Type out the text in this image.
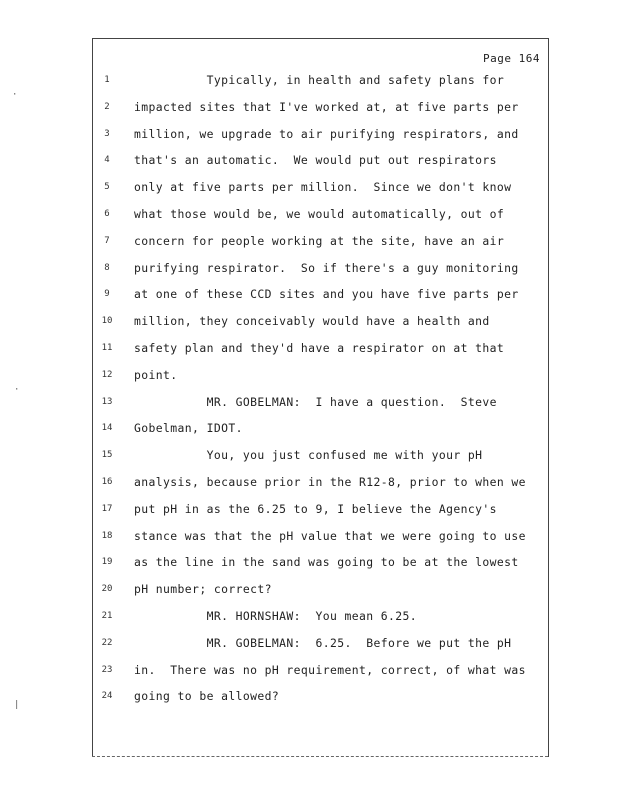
Page 164
·
·
|
1	Typically, in health and safety plans for
2	impacted sites that I've worked at, at five parts per
3	million, we upgrade to air purifying respirators, and
4	that's an automatic.  We would put out respirators
5	only at five parts per million.  Since we don't know
6	what those would be, we would automatically, out of
7	concern for people working at the site, have an air
8	purifying respirator.  So if there's a guy monitoring
9	at one of these CCD sites and you have five parts per
10	million, they conceivably would have a health and
11	safety plan and they'd have a respirator on at that
12	point.
13	MR. GOBELMAN:  I have a question.  Steve
14	Gobelman, IDOT.
15	You, you just confused me with your pH
16	analysis, because prior in the R12-8, prior to when we
17	put pH in as the 6.25 to 9, I believe the Agency's
18	stance was that the pH value that we were going to use
19	as the line in the sand was going to be at the lowest
20	pH number; correct?
21	MR. HORNSHAW:  You mean 6.25.
22	MR. GOBELMAN:  6.25.  Before we put the pH
23	in.  There was no pH requirement, correct, of what was
24	going to be allowed?
